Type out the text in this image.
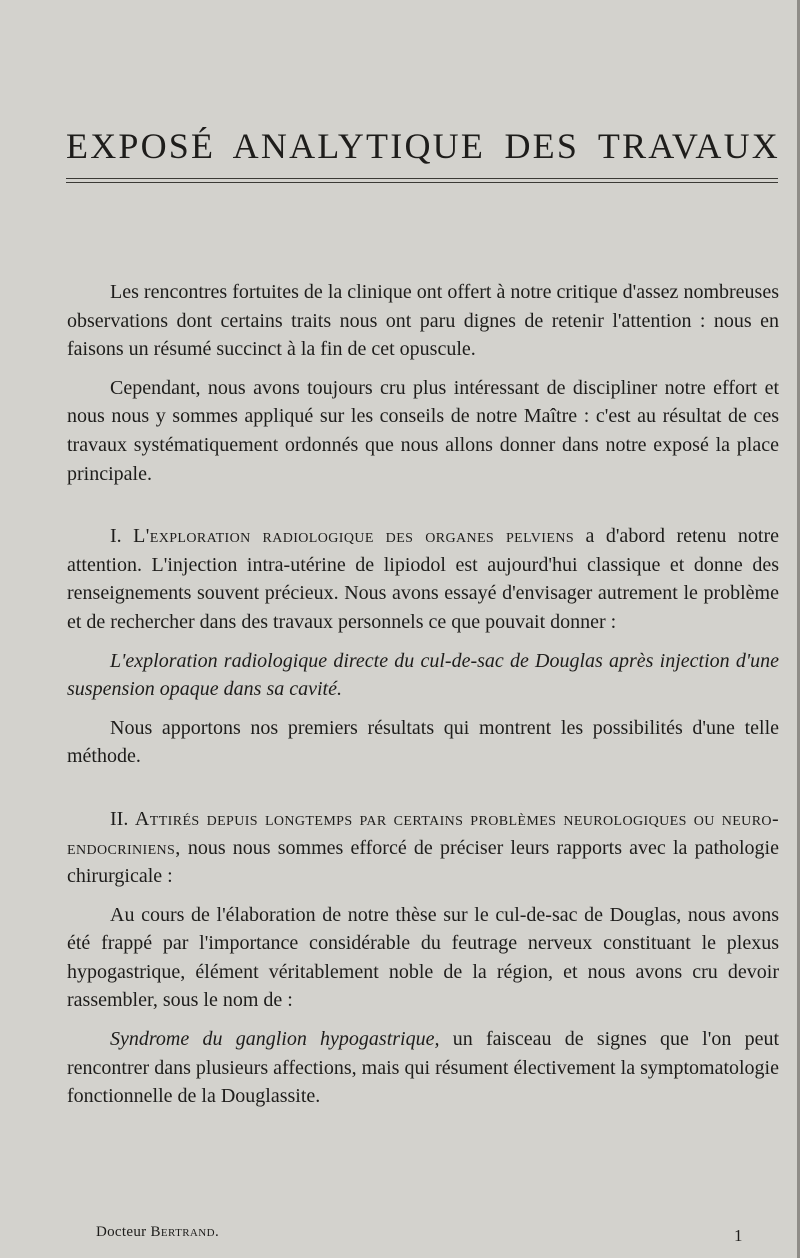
EXPOSÉ ANALYTIQUE DES TRAVAUX

Les rencontres fortuites de la clinique ont offert à notre critique d'assez nombreuses observations dont certains traits nous ont paru dignes de retenir l'attention : nous en faisons un résumé succinct à la fin de cet opuscule.

Cependant, nous avons toujours cru plus intéressant de discipliner notre effort et nous nous y sommes appliqué sur les conseils de notre Maître : c'est au résultat de ces travaux systématiquement ordonnés que nous allons donner dans notre exposé la place principale.

I. L'exploration radiologique des organes pelviens a d'abord retenu notre attention. L'injection intra-utérine de lipiodol est aujourd'hui classique et donne des renseignements souvent précieux. Nous avons essayé d'envisager autrement le problème et de rechercher dans des travaux personnels ce que pouvait donner :

L'exploration radiologique directe du cul-de-sac de Douglas après injection d'une suspension opaque dans sa cavité.

Nous apportons nos premiers résultats qui montrent les possibilités d'une telle méthode.

II. Attirés depuis longtemps par certains problèmes neurologiques ou neuro-endocriniens, nous nous sommes efforcé de préciser leurs rapports avec la pathologie chirurgicale :

Au cours de l'élaboration de notre thèse sur le cul-de-sac de Douglas, nous avons été frappé par l'importance considérable du feutrage nerveux constituant le plexus hypogastrique, élément véritablement noble de la région, et nous avons cru devoir rassembler, sous le nom de :

Syndrome du ganglion hypogastrique, un faisceau de signes que l'on peut rencontrer dans plusieurs affections, mais qui résument électivement la symptomatologie fonctionnelle de la Douglassite.

Docteur Bertrand.	1
